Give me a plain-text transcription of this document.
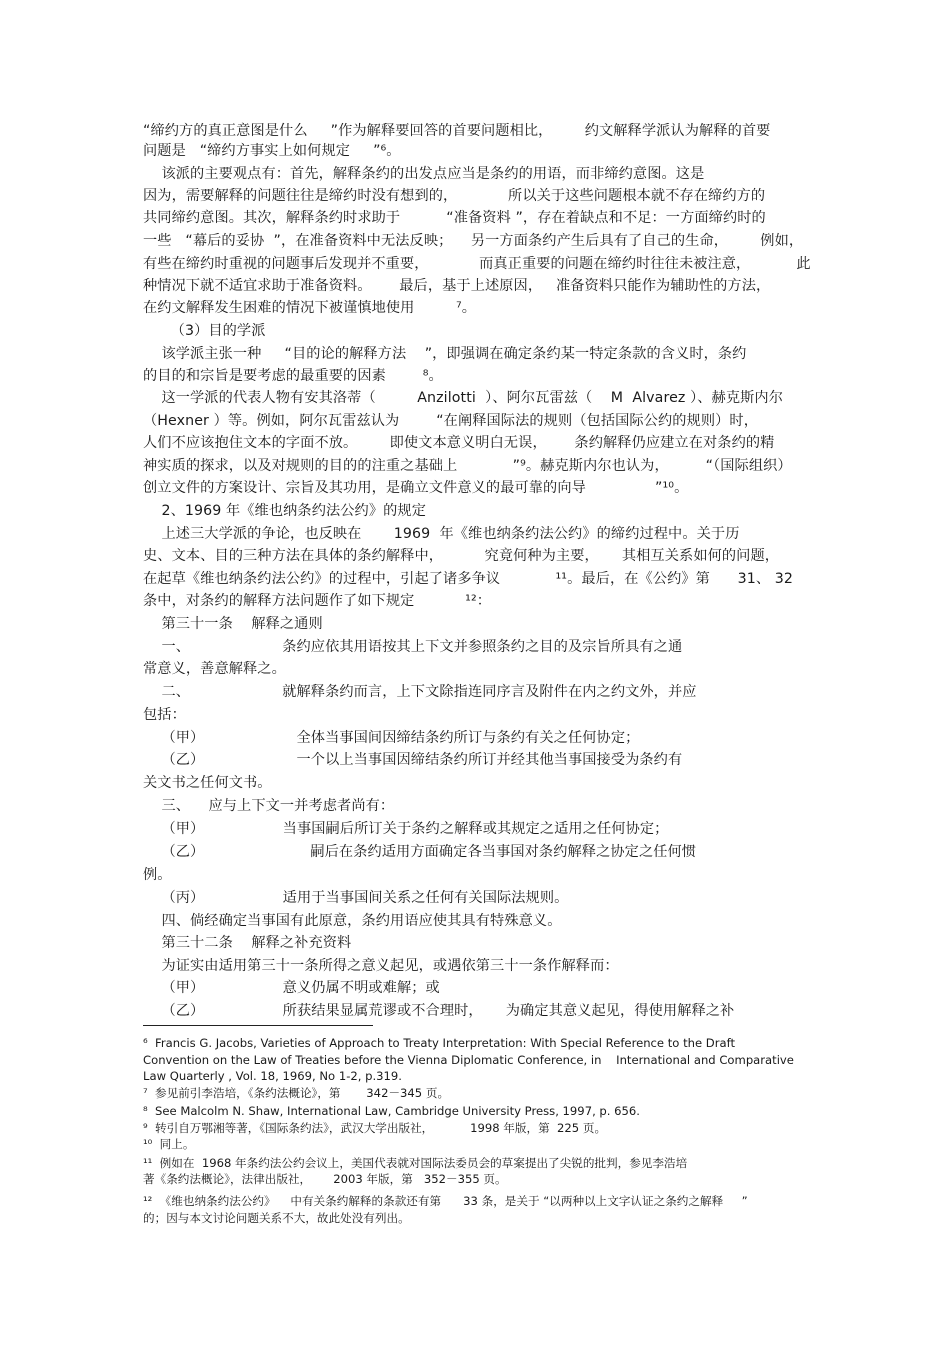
“缔约方的真正意图是什么     ”作为解释要回答的首要问题相比，       约文解释学派认为解释的首要
问题是   “缔约方事实上如何规定     ”⁶。
该派的主要观点有：首先，解释条约的出发点应当是条约的用语，而非缔约意图。这是
因为，需要解释的问题往往是缔约时没有想到的，           所以关于这些问题根本就不存在缔约方的
共同缔约意图。其次，解释条约时求助于          “准备资料 ”，存在着缺点和不足：一方面缔约时的
一些   “幕后的妥协  ”，在准备资料中无法反映；    另一方面条约产生后具有了自己的生命，       例如，
有些在缔约时重视的问题事后发现并不重要，           而真正重要的问题在缔约时往往未被注意，          此
种情况下就不适宜求助于准备资料。      最后，基于上述原因，   准备资料只能作为辅助性的方法，
在约文解释发生困难的情况下被谨慎地使用         ⁷。
（3）目的学派
该学派主张一种     “目的论的解释方法    ”，即强调在确定条约某一特定条款的含义时，条约
的目的和宗旨是要考虑的最重要的因素        ⁸。
这一学派的代表人物有安其洛蒂（         Anzilotti  ）、阿尔瓦雷兹（    M  Alvarez ）、赫克斯内尔
（Hexner ）等。例如，阿尔瓦雷兹认为        “在阐释国际法的规则（包括国际公约的规则）时，
人们不应该抱住文本的字面不放。       即使文本意义明白无误，      条约解释仍应建立在对条约的精
神实质的探求，以及对规则的目的的注重之基础上            ”⁹。赫克斯内尔也认为，        “（国际组织）
创立文件的方案设计、宗旨及其功用，是确立文件意义的最可靠的向导               ”¹⁰。
2、1969 年《维也纳条约法公约》的规定
上述三大学派的争论，也反映在       1969  年《维也纳条约法公约》的缔约过程中。关于历
史、文本、目的三种方法在具体的条约解释中，         究竟何种为主要，     其相互关系如何的问题，
在起草《维也纳条约法公约》的过程中，引起了诸多争议            ¹¹。最后，在《公约》第      31、 32
条中，对条约的解释方法问题作了如下规定           ¹²：
第三十一条    解释之通则
一、                    条约应依其用语按其上下文并参照条约之目的及宗旨所具有之通
常意义，善意解释之。
二、                    就解释条约而言，上下文除指连同序言及附件在内之约文外，并应
包括：
（甲）                    全体当事国间因缔结条约所订与条约有关之任何协定；
（乙）                    一个以上当事国因缔结条约所订并经其他当事国接受为条约有
关文书之任何文书。
三、    应与上下文一并考虑者尚有：
（甲）                 当事国嗣后所订关于条约之解释或其规定之适用之任何协定；
（乙）                       嗣后在条约适用方面确定各当事国对条约解释之协定之任何惯
例。
（丙）                 适用于当事国间关系之任何有关国际法规则。
四、倘经确定当事国有此原意，条约用语应使其具有特殊意义。
第三十二条    解释之补充资料
为证实由适用第三十一条所得之意义起见，或遇依第三十一条作解释而：
（甲）                 意义仍属不明或难解；或
（乙）                 所获结果显属荒谬或不合理时，     为确定其意义起见，得使用解释之补
⁶  Francis G. Jacobs, Varieties of Approach to Treaty Interpretation: With Special Reference to the Draft
Convention on the Law of Treaties before the Vienna Diplomatic Conference, in    International and Comparative
Law Quarterly , Vol. 18, 1969, No 1-2, p.319.
⁷  参见前引李浩培，《条约法概论》，第       342－345 页。
⁸  See Malcolm N. Shaw, International Law, Cambridge University Press, 1997, p. 656.
⁹  转引自万鄂湘等著，《国际条约法》，武汉大学出版社，          1998 年版，第  225 页。
¹⁰  同上。
¹¹  例如在  1968 年条约法公约会议上，美国代表就对国际法委员会的草案提出了尖锐的批判，参见李浩培
著《条约法概论》，法律出版社，      2003 年版，第   352－355 页。
¹²  《维也纳条约法公约》    中有关条约解释的条款还有第      33 条，是关于 “以两种以上文字认证之条约之解释     ”
的；因与本文讨论问题关系不大，故此处没有列出。
